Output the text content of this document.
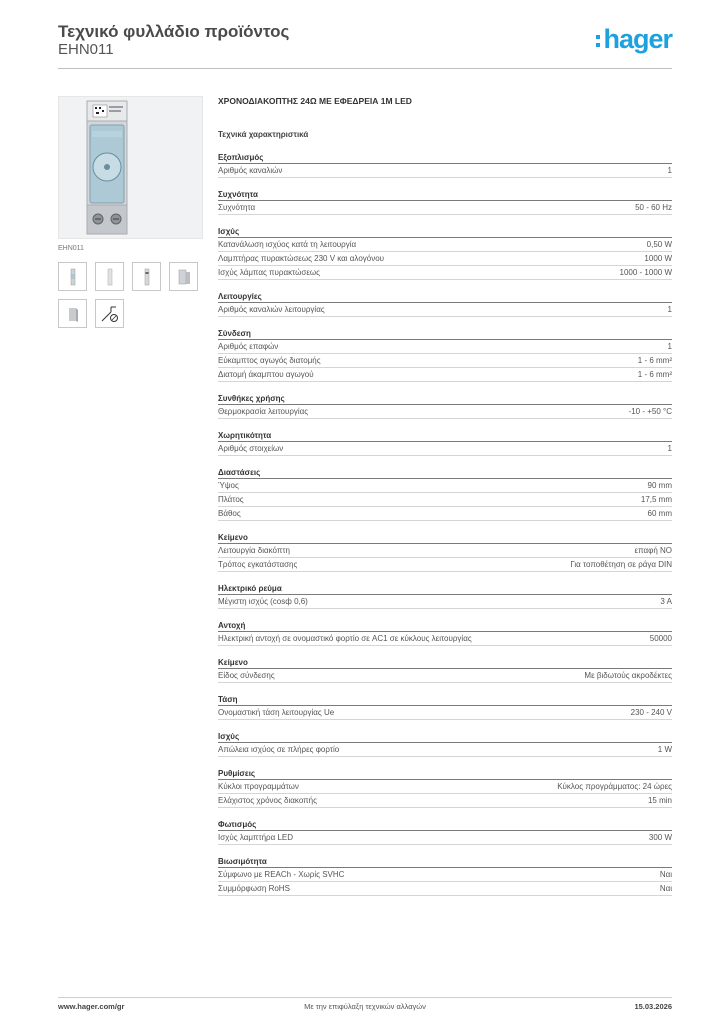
Τεχνικό φυλλάδιο προϊόντος
EHN011	hager
EHN011
ΧΡΟΝΟΔΙΑΚΟΠΤΗΣ 24Ω ΜΕ ΕΦΕΔΡΕΙΑ 1Μ LED
Τεχνικά χαρακτηριστικά
Εξοπλισμός
Αριθμός καναλιών	1
Συχνότητα
Συχνότητα	50 - 60 Hz
Ισχύς
Κατανάλωση ισχύος κατά τη λειτουργία	0,50 W
Λαμπτήρας πυρακτώσεως 230 V και αλογόνου	1000 W
Ισχύς λάμπας πυρακτώσεως	1000 - 1000 W
Λειτουργίες
Αριθμός καναλιών λειτουργίας	1
Σύνδεση
Αριθμός επαφών	1
Εύκαμπτος αγωγός διατομής	1 - 6 mm²
Διατομή άκαμπτου αγωγού	1 - 6 mm²
Συνθήκες χρήσης
Θερμοκρασία λειτουργίας	-10 - +50 °C
Χωρητικότητα
Αριθμός στοιχείων	1
Διαστάσεις
Ύψος	90 mm
Πλάτος	17,5 mm
Βάθος	60 mm
Κείμενο
Λειτουργία διακόπτη	επαφή NO
Τρόπος εγκατάστασης	Για τοποθέτηση σε ράγα DIN
Ηλεκτρικό ρεύμα
Μέγιστη ισχύς (cosф 0,6)	3 A
Αντοχή
Ηλεκτρική αντοχή σε ονομαστικό φορτίο σε AC1 σε κύκλους λειτουργίας	50000
Κείμενο
Είδος σύνδεσης	Με βιδωτούς ακροδέκτες
Τάση
Ονομαστική τάση λειτουργίας Ue	230 - 240 V
Ισχύς
Απώλεια ισχύος σε πλήρες φορτίο	1 W
Ρυθμίσεις
Κύκλοι προγραμμάτων	Κύκλος προγράμματος: 24 ώρες
Ελάχιστος χρόνος διακοπής	15 min
Φωτισμός
Ισχύς λαμπτήρα LED	300 W
Βιωσιμότητα
Σύμφωνο με REACh - Χωρίς SVHC	Ναι
Συμμόρφωση RoHS	Ναι
www.hager.com/gr	Με την επιφύλαξη τεχνικών αλλαγών	15.03.2026
